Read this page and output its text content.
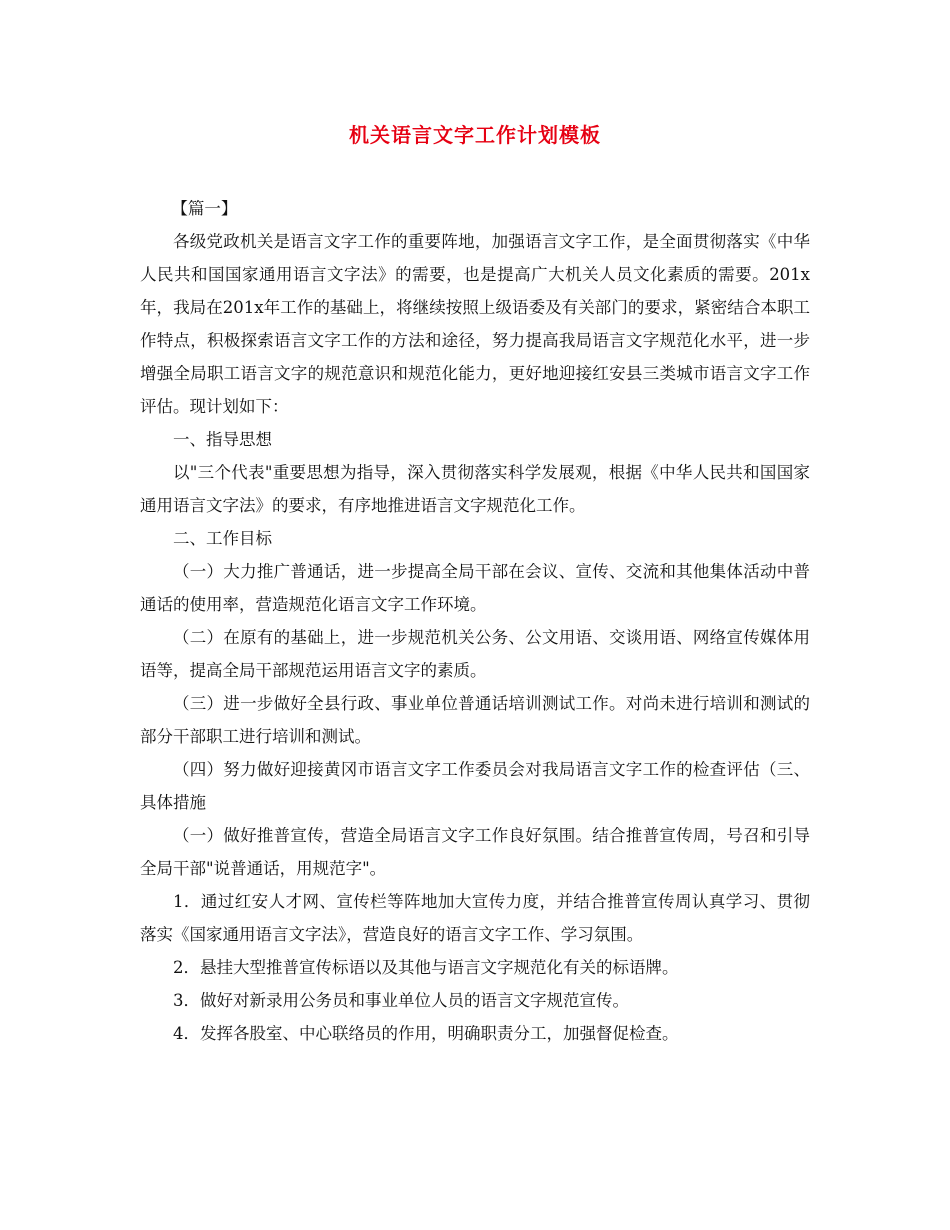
机关语言文字工作计划模板

【篇一】

各级党政机关是语言文字工作的重要阵地，加强语言文字工作，是全面贯彻落实《中华人民共和国国家通用语言文字法》的需要，也是提高广大机关人员文化素质的需要。201x年，我局在201x年工作的基础上，将继续按照上级语委及有关部门的要求，紧密结合本职工作特点，积极探索语言文字工作的方法和途径，努力提高我局语言文字规范化水平，进一步增强全局职工语言文字的规范意识和规范化能力，更好地迎接红安县三类城市语言文字工作评估。现计划如下：

一、指导思想

以"三个代表"重要思想为指导，深入贯彻落实科学发展观，根据《中华人民共和国国家通用语言文字法》的要求，有序地推进语言文字规范化工作。

二、工作目标

（一）大力推广普通话，进一步提高全局干部在会议、宣传、交流和其他集体活动中普通话的使用率，营造规范化语言文字工作环境。

（二）在原有的基础上，进一步规范机关公务、公文用语、交谈用语、网络宣传媒体用语等，提高全局干部规范运用语言文字的素质。

（三）进一步做好全县行政、事业单位普通话培训测试工作。对尚未进行培训和测试的部分干部职工进行培训和测试。

（四）努力做好迎接黄冈市语言文字工作委员会对我局语言文字工作的检查评估（三、具体措施

（一）做好推普宣传，营造全局语言文字工作良好氛围。结合推普宣传周，号召和引导全局干部"说普通话，用规范字"。

1．通过红安人才网、宣传栏等阵地加大宣传力度，并结合推普宣传周认真学习、贯彻落实《国家通用语言文字法》，营造良好的语言文字工作、学习氛围。

2．悬挂大型推普宣传标语以及其他与语言文字规范化有关的标语牌。

3．做好对新录用公务员和事业单位人员的语言文字规范宣传。

4．发挥各股室、中心联络员的作用，明确职责分工，加强督促检查。
